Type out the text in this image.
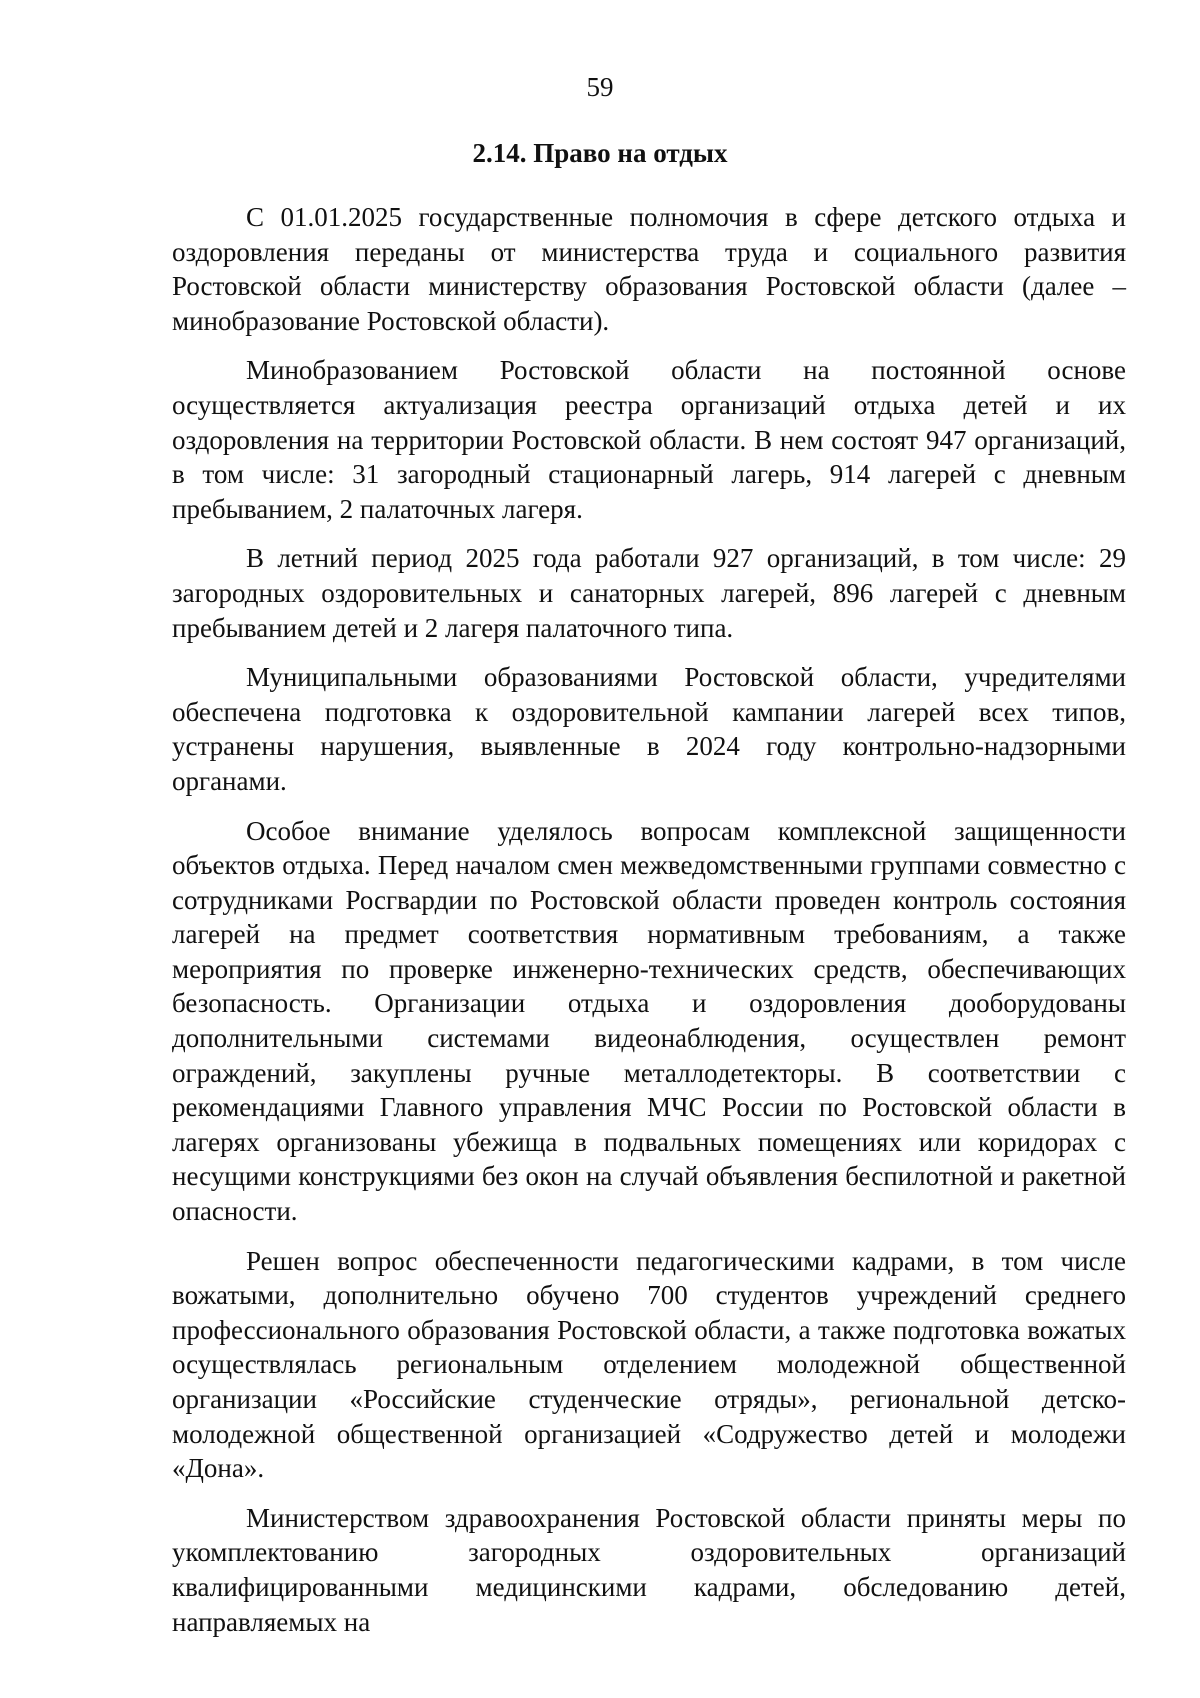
59
2.14. Право на отдых

С 01.01.2025 государственные полномочия в сфере детского отдыха и оздоровления переданы от министерства труда и социального развития Ростовской области министерству образования Ростовской области (далее – минобразование Ростовской области).

Минобразованием Ростовской области на постоянной основе осуществляется актуализация реестра организаций отдыха детей и их оздоровления на территории Ростовской области. В нем состоят 947 организаций, в том числе: 31 загородный стационарный лагерь, 914 лагерей с дневным пребыванием, 2 палаточных лагеря.

В летний период 2025 года работали 927 организаций, в том числе: 29 загородных оздоровительных и санаторных лагерей, 896 лагерей с дневным пребыванием детей и 2 лагеря палаточного типа.

Муниципальными образованиями Ростовской области, учредителями обеспечена подготовка к оздоровительной кампании лагерей всех типов, устранены нарушения, выявленные в 2024 году контрольно-надзорными органами.

Особое внимание уделялось вопросам комплексной защищенности объектов отдыха. Перед началом смен межведомственными группами совместно с сотрудниками Росгвардии по Ростовской области проведен контроль состояния лагерей на предмет соответствия нормативным требованиям, а также мероприятия по проверке инженерно-технических средств, обеспечивающих безопасность. Организации отдыха и оздоровления дооборудованы дополнительными системами видеонаблюдения, осуществлен ремонт ограждений, закуплены ручные металлодетекторы. В соответствии с рекомендациями Главного управления МЧС России по Ростовской области в лагерях организованы убежища в подвальных помещениях или коридорах с несущими конструкциями без окон на случай объявления беспилотной и ракетной опасности.

Решен вопрос обеспеченности педагогическими кадрами, в том числе вожатыми, дополнительно обучено 700 студентов учреждений среднего профессионального образования Ростовской области, а также подготовка вожатых осуществлялась региональным отделением молодежной общественной организации «Российские студенческие отряды», региональной детско-молодежной общественной организацией «Содружество детей и молодежи «Дона».

Министерством здравоохранения Ростовской области приняты меры по укомплектованию загородных оздоровительных организаций квалифицированными медицинскими кадрами, обследованию детей, направляемых на
